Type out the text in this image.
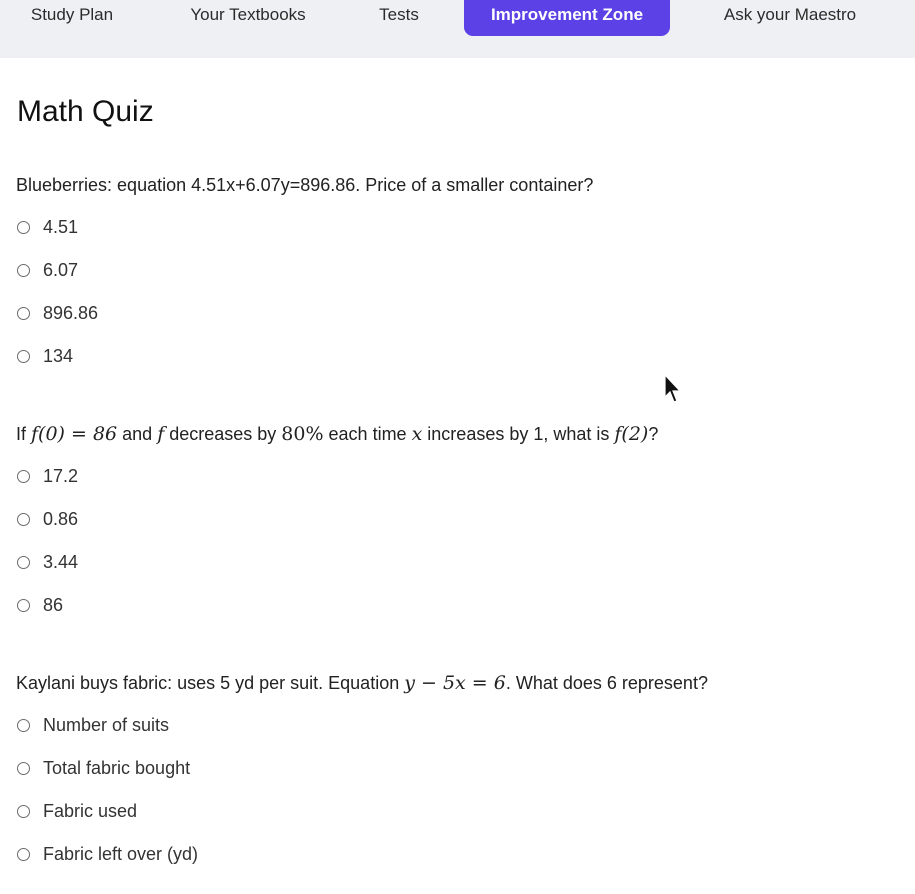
Study Plan	Your Textbooks	Tests	Improvement Zone	Ask your Maestro
Math Quiz

Blueberries: equation 4.51x+6.07y=896.86. Price of a smaller container?

4.51
6.07
896.86
134

If f(0) = 86 and f decreases by 80% each time x increases by 1, what is f(2)?

17.2
0.86
3.44
86

Kaylani buys fabric: uses 5 yd per suit. Equation y − 5x = 6. What does 6 represent?

Number of suits
Total fabric bought
Fabric used
Fabric left over (yd)
